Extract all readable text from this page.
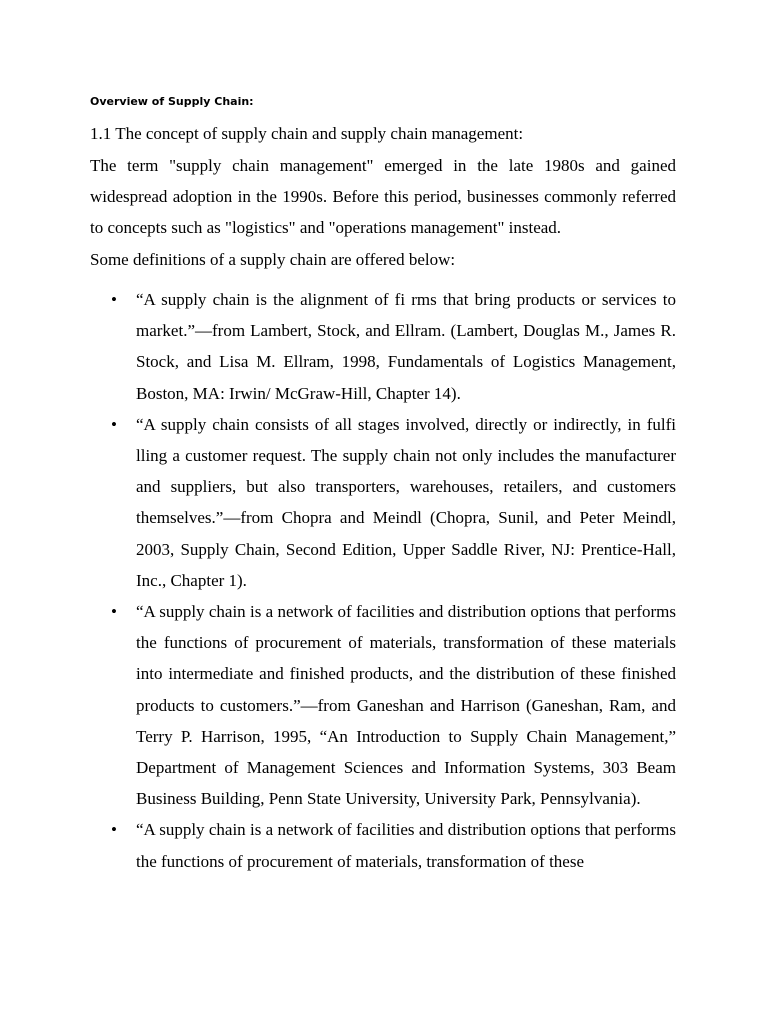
Overview of Supply Chain:
1.1 The concept of supply chain and supply chain management:
The term "supply chain management" emerged in the late 1980s and gained widespread adoption in the 1990s. Before this period, businesses commonly referred to concepts such as "logistics" and "operations management" instead.
Some definitions of a supply chain are offered below:
•	“A supply chain is the alignment of fi rms that bring products or services to market.”—from Lambert, Stock, and Ellram. (Lambert, Douglas M., James R. Stock, and Lisa M. Ellram, 1998, Fundamentals of Logistics Management, Boston, MA: Irwin/ McGraw-Hill, Chapter 14).
•	“A supply chain consists of all stages involved, directly or indirectly, in fulfi lling a customer request. The supply chain not only includes the manufacturer and suppliers, but also transporters, warehouses, retailers, and customers themselves.”—from Chopra and Meindl (Chopra, Sunil, and Peter Meindl, 2003, Supply Chain, Second Edition, Upper Saddle River, NJ: Prentice-Hall, Inc., Chapter 1).
•	“A supply chain is a network of facilities and distribution options that performs the functions of procurement of materials, transformation of these materials into intermediate and finished products, and the distribution of these finished products to customers.”—from Ganeshan and Harrison (Ganeshan, Ram, and Terry P. Harrison, 1995, “An Introduction to Supply Chain Management,” Department of Management Sciences and Information Systems, 303 Beam Business Building, Penn State University, University Park, Pennsylvania).
•	“A supply chain is a network of facilities and distribution options that performs the functions of procurement of materials, transformation of these
